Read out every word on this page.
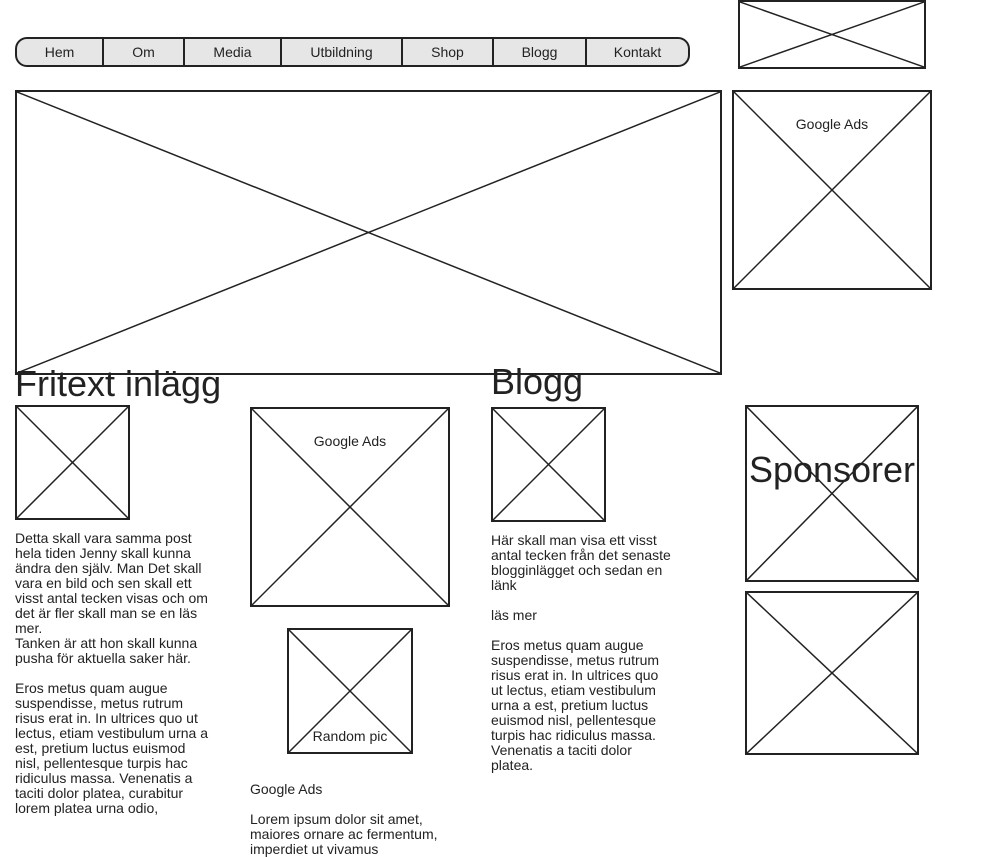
Hem	Om	Media	Utbildning	Shop	Blogg	Kontakt
Google Ads
Fritext inlägg
Detta skall vara samma post
hela tiden Jenny skall kunna
ändra den själv. Man Det skall
vara en bild och sen skall ett
visst antal tecken visas och om
det är fler skall man se en läs
mer.
Tanken är att hon skall kunna
pusha för aktuella saker här.

Eros metus quam augue
suspendisse, metus rutrum
risus erat in. In ultrices quo ut
lectus, etiam vestibulum urna a
est, pretium luctus euismod
nisl, pellentesque turpis hac
ridiculus massa. Venenatis a
taciti dolor platea, curabitur
lorem platea urna odio,
Google Ads
Random pic
Google Ads
Lorem ipsum dolor sit amet,
maiores ornare ac fermentum,
imperdiet ut vivamus
Blogg
Här skall man visa ett visst
antal tecken från det senaste
blogginlägget och sedan en
länk
läs mer
Eros metus quam augue
suspendisse, metus rutrum
risus erat in. In ultrices quo
ut lectus, etiam vestibulum
urna a est, pretium luctus
euismod nisl, pellentesque
turpis hac ridiculus massa.
Venenatis a taciti dolor
platea.
Sponsorer
